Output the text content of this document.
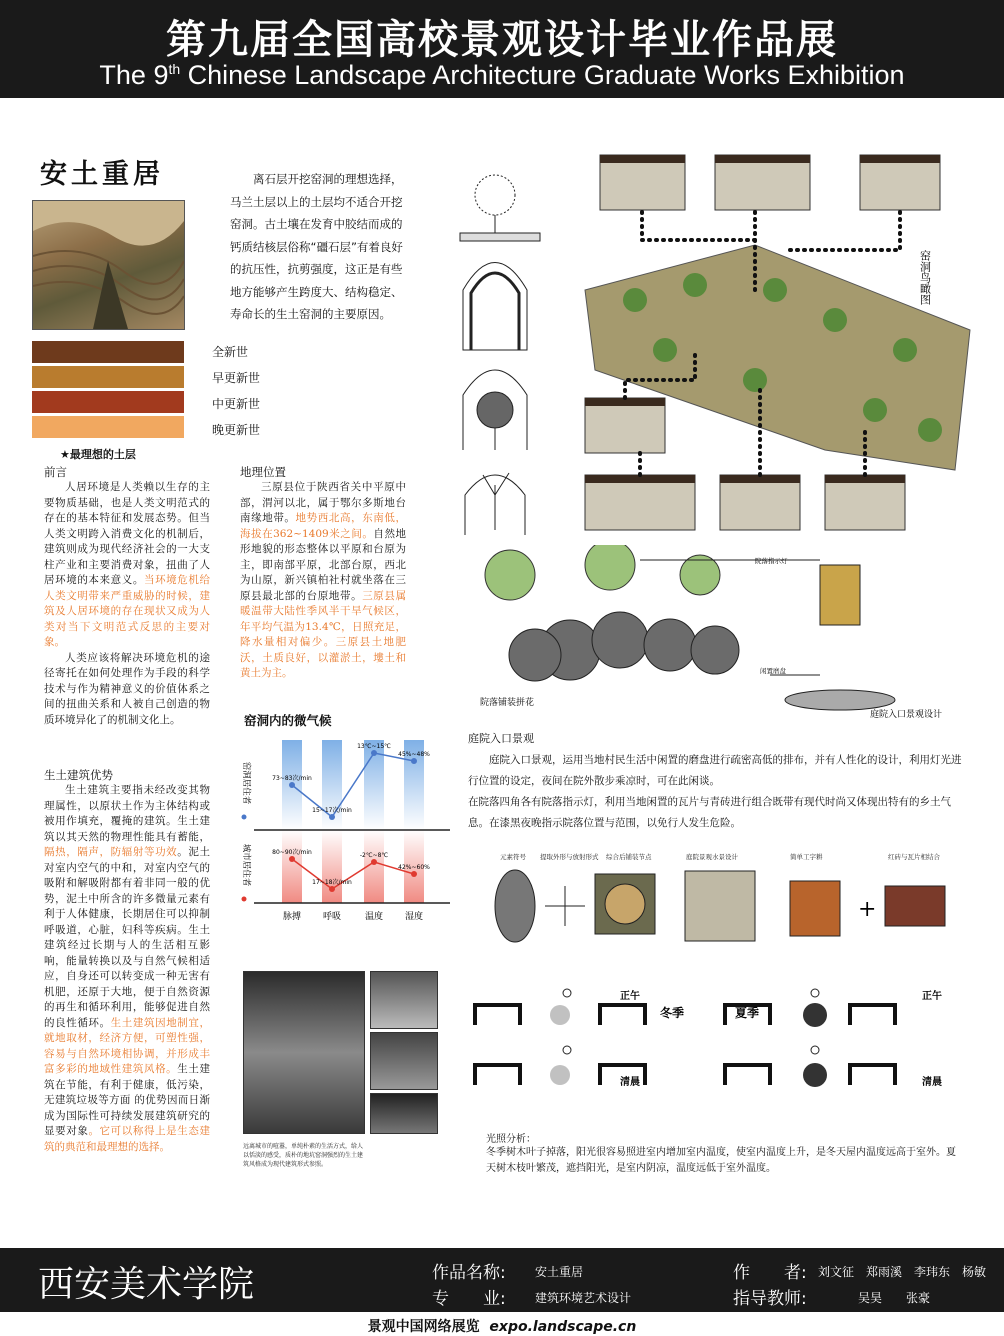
第九届全国高校景观设计毕业作品展
The 9th Chinese Landscape Architecture Graduate Works Exhibition
安土重居
全新世
早更新世
中更新世
晚更新世
★最理想的土层
离石层开挖窑洞的理想选择，马兰土层以上的土层均不适合开挖窑洞。古土壤在发育中胶结而成的钙质结核层俗称“礓石层”有着良好的抗压性，抗剪强度，这正是有些地方能够产生跨度大、结构稳定、寿命长的生土窑洞的主要原因。
前言

人居环境是人类赖以生存的主要物质基础，也是人类文明范式的存在的基本特征和发展态势。但当人类文明跨入消费文化的机制后，建筑则成为现代经济社会的一大支柱产业和主要消费对象，扭曲了人居环境的本来意义。当环境危机给人类文明带来严重威胁的时候，建筑及人居环境的存在现状又成为人类对当下文明范式反思的主要对象。

人类应该将解决环境危机的途径寄托在如何处理作为手段的科学技术与作为精神意义的价值体系之间的扭曲关系和人被自己创造的物质环境异化了的机制文化上。

生土建筑优势

生土建筑主要指未经改变其物理属性，以原状土作为主体结构或被用作填充，覆掩的建筑。生土建筑以其天然的物理性能具有蓄能，隔热，隔声，防辐射等功效。泥土对室内空气的中和，对室内空气的吸附和解吸附都有着非同一般的优势，泥土中所含的许多微量元素有利于人体健康，长期居住可以抑制呼吸道，心脏，妇科等疾病。生土建筑经过长期与人的生活相互影响，能量转换以及与自然气候相适应，自身还可以转变成一种无害有机肥，还原于大地，便于自然资源的再生和循环利用，能够促进自然的良性循环。生土建筑因地制宜，就地取材，经济方便，可塑性强，容易与自然环境相协调，并形成丰富多彩的地域性建筑风格。生土建筑在节能，有利于健康，低污染，无建筑垃圾等方面 的优势因而日渐成为国际性可持续发展建筑研究的显要对象。它可以称得上是生态建筑的典范和最理想的选择。

地理位置

三原县位于陕西省关中平原中部，渭河以北，属于鄂尔多斯地台南缘地带。地势西北高，东南低，海拔在362~1409米之间。自然地形地貌的形态整体以平原和台原为主，即南部平原，北部台原，西北为山原，新兴镇柏社村就坐落在三原县最北部的台原地带。三原县属暖温带大陆性季风半干旱气候区，年平均气温为13.4℃，日照充足，降水量相对偏少。三原县土地肥沃，土质良好，以灌淤土，塿土和黄土为主。

窑洞内的微气候
73~83次/min
15~17次/min
13℃~15℃
45%~48%
80~90次/min
17~18次/min
-2℃~8℃
42%~60%
窑洞居住者
城市居住者
脉搏 呼吸	温度 湿度
远离城市的喧嚣，单纯朴素的生活方式，给人以恬淡的感受，质朴的地坑窑洞强烈的生土建筑风格成为现代建筑形式参照。
窑洞鸟瞰图
院落指示灯
闲置磨盘
院落铺装拼花
庭院入口景观设计
庭院入口景观

庭院入口景观，运用当地村民生活中闲置的磨盘进行疏密高低的排布，并有人性化的设计，利用灯光进行位置的设定，夜间在院外散步乘凉时，可在此闲谈。

在院落四角各有院落指示灯，利用当地闲置的瓦片与青砖进行组合既带有现代时尚又体现出特有的乡土气息。在漆黑夜晚指示院落位置与范围，以免行人发生危险。

元素符号 提取外形与放射形式 综合后铺装节点	庭院景观水景设计	简单工字耕	红砖与瓦片相结合
+
冬季	夏季
正午
清晨
正午
清晨
光照分析：
冬季树木叶子掉落，阳光很容易照进室内增加室内温度，使室内温度上升，是冬天屋内温度远高于室外。夏天树木枝叶繁茂，遮挡阳光，是室内阴凉，温度远低于室外温度。
西安美术学院	作品名称: 安土重居
专　　业: 建筑环境艺术设计
作　　者: 刘文征　郑雨溪　李玮东　杨敏
指导教师:	吴昊　　张豪
景观中国网络展览 expo.landscape.cn
